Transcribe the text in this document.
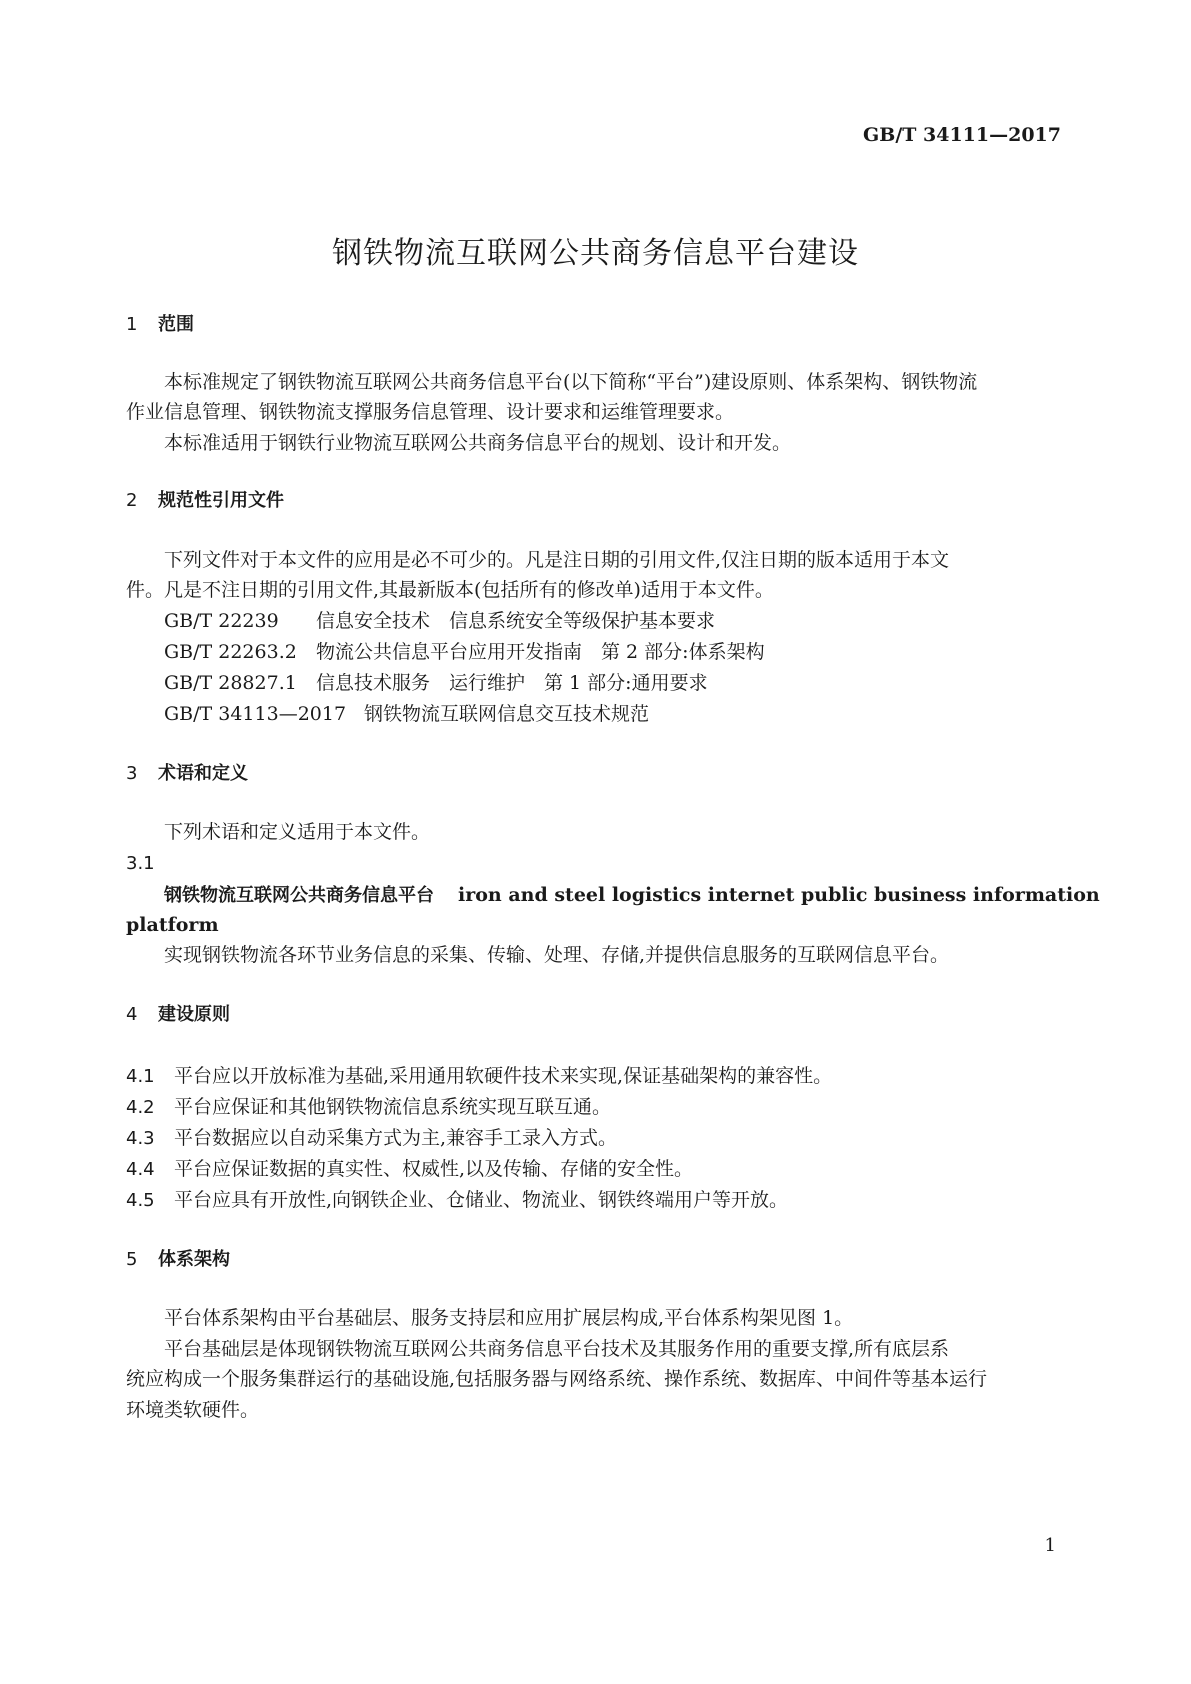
GB/T 34111—2017
钢铁物流互联网公共商务信息平台建设
1 范围
本标准规定了钢铁物流互联网公共商务信息平台(以下简称“平台”)建设原则、体系架构、钢铁物流
作业信息管理、钢铁物流支撑服务信息管理、设计要求和运维管理要求。
本标准适用于钢铁行业物流互联网公共商务信息平台的规划、设计和开发。
2 规范性引用文件
下列文件对于本文件的应用是必不可少的。凡是注日期的引用文件,仅注日期的版本适用于本文
件。凡是不注日期的引用文件,其最新版本(包括所有的修改单)适用于本文件。
GB/T 22239 信息安全技术　信息系统安全等级保护基本要求
GB/T 22263.2 物流公共信息平台应用开发指南　第 2 部分:体系架构
GB/T 28827.1 信息技术服务　运行维护　第 1 部分:通用要求
GB/T 34113—2017 钢铁物流互联网信息交互技术规范
3 术语和定义
下列术语和定义适用于本文件。
3.1
钢铁物流互联网公共商务信息平台 iron and steel logistics internet public business information
platform
实现钢铁物流各环节业务信息的采集、传输、处理、存储,并提供信息服务的互联网信息平台。
4 建设原则
4.1 平台应以开放标准为基础,采用通用软硬件技术来实现,保证基础架构的兼容性。
4.2 平台应保证和其他钢铁物流信息系统实现互联互通。
4.3 平台数据应以自动采集方式为主,兼容手工录入方式。
4.4 平台应保证数据的真实性、权威性,以及传输、存储的安全性。
4.5 平台应具有开放性,向钢铁企业、仓储业、物流业、钢铁终端用户等开放。
5 体系架构
平台体系架构由平台基础层、服务支持层和应用扩展层构成,平台体系构架见图 1。
平台基础层是体现钢铁物流互联网公共商务信息平台技术及其服务作用的重要支撑,所有底层系
统应构成一个服务集群运行的基础设施,包括服务器与网络系统、操作系统、数据库、中间件等基本运行
环境类软硬件。
1
